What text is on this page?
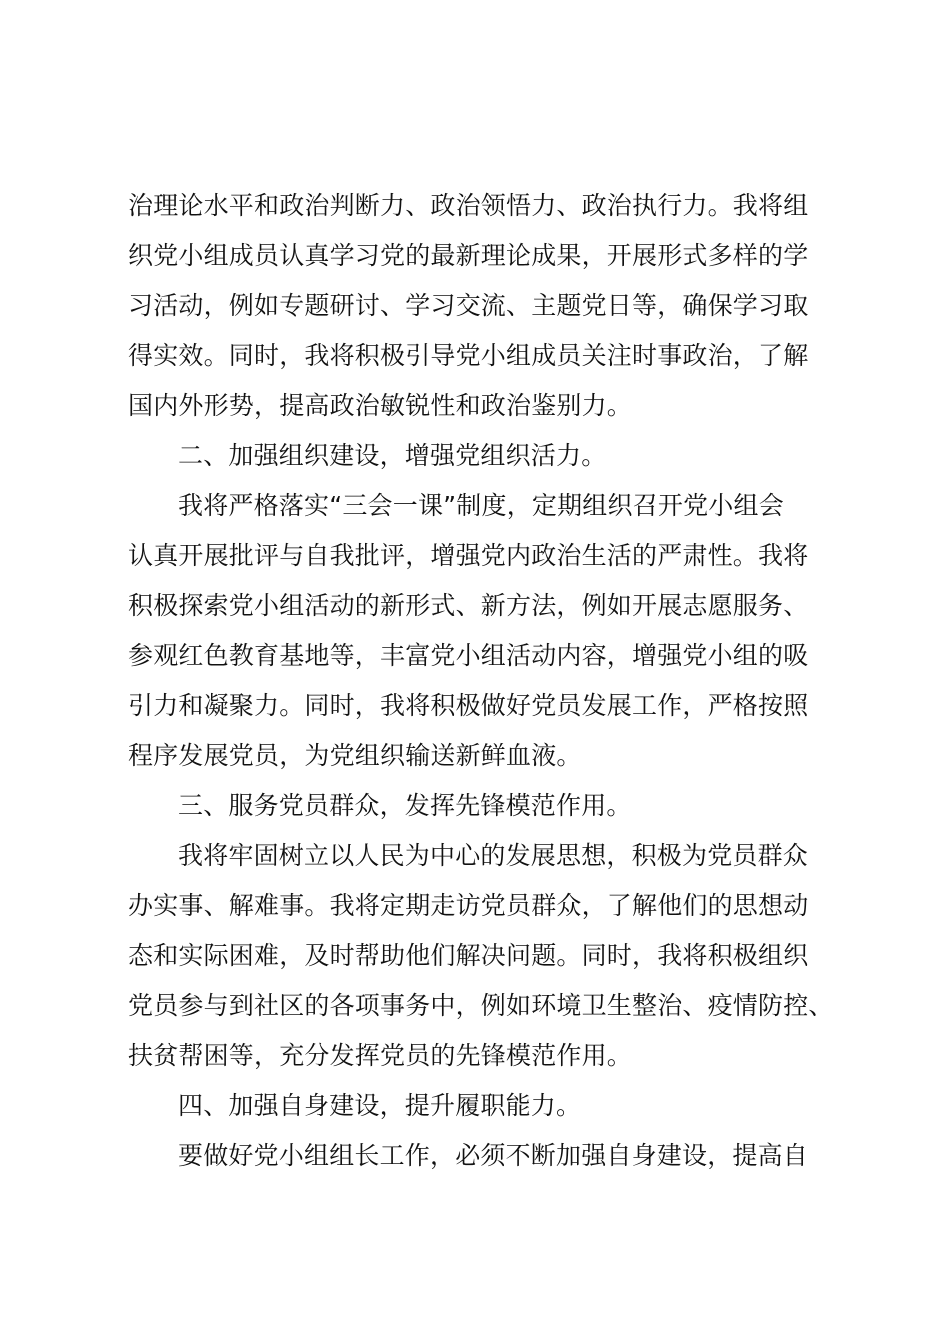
治理论水平和政治判断力、政治领悟力、政治执行力。我将组
织党小组成员认真学习党的最新理论成果，开展形式多样的学
习活动，例如专题研讨、学习交流、主题党日等，确保学习取
得实效。同时，我将积极引导党小组成员关注时事政治，了解
国内外形势，提高政治敏锐性和政治鉴别力。
二、加强组织建设，增强党组织活力。
我将严格落实“三会一课”制度，定期组织召开党小组会
认真开展批评与自我批评，增强党内政治生活的严肃性。我将
积极探索党小组活动的新形式、新方法，例如开展志愿服务、
参观红色教育基地等，丰富党小组活动内容，增强党小组的吸
引力和凝聚力。同时，我将积极做好党员发展工作，严格按照
程序发展党员，为党组织输送新鲜血液。
三、服务党员群众，发挥先锋模范作用。
我将牢固树立以人民为中心的发展思想，积极为党员群众
办实事、解难事。我将定期走访党员群众，了解他们的思想动
态和实际困难，及时帮助他们解决问题。同时，我将积极组织
党员参与到社区的各项事务中，例如环境卫生整治、疫情防控、
扶贫帮困等，充分发挥党员的先锋模范作用。
四、加强自身建设，提升履职能力。
要做好党小组组长工作，必须不断加强自身建设，提高自
